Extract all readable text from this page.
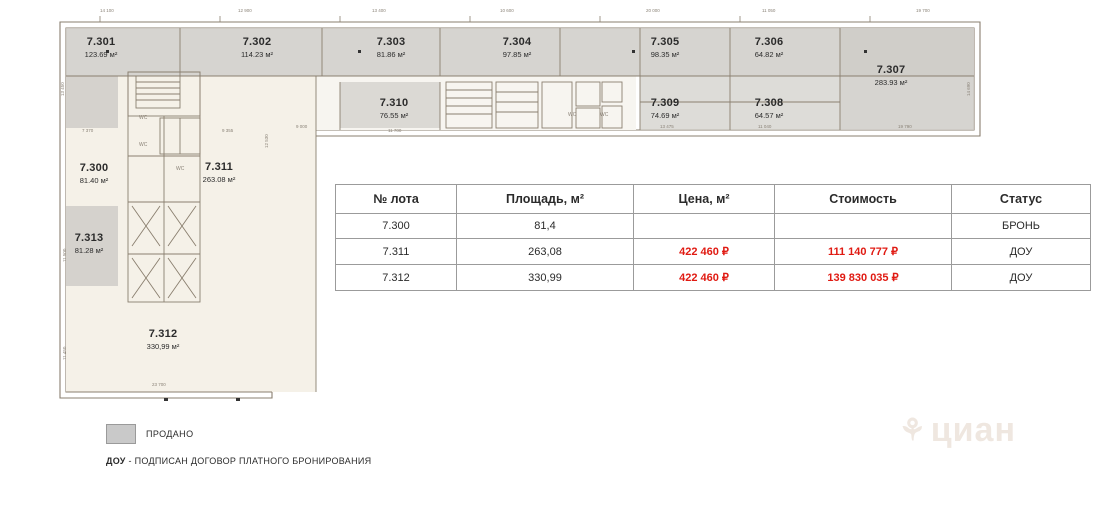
7.301
123.69 м²
7.302
114.23 м²
7.303
81.86 м²
7.304
97.85 м²
7.305
98.35 м²
7.306
64.82 м²
7.307
283.93 м²
7.308
64.57 м²
7.309
74.69 м²
7.310
76.55 м²
7.311
263.08 м²
7.300
81.40 м²
7.313
81.28 м²
7.312
330,99 м²
14 100	12 900	13 400	10 600	20 000	11 050	19 700
7 370	9 355
9 000
11 700
13 475	11 040	19 790
23 700
13 450
12 530
11 500
11 450
14 690
WC
WC
WC
WC	WC
№ лота	Площадь, м²	Цена, м²	Стоимость	Статус
7.300	81,4			БРОНЬ
7.311	263,08	422 460 ₽	111 140 777 ₽	ДОУ
7.312	330,99	422 460 ₽	139 830 035 ₽	ДОУ
ПРОДАНО
ДОУ - ПОДПИСАН ДОГОВОР ПЛАТНОГО БРОНИРОВАНИЯ
⚘ циан
